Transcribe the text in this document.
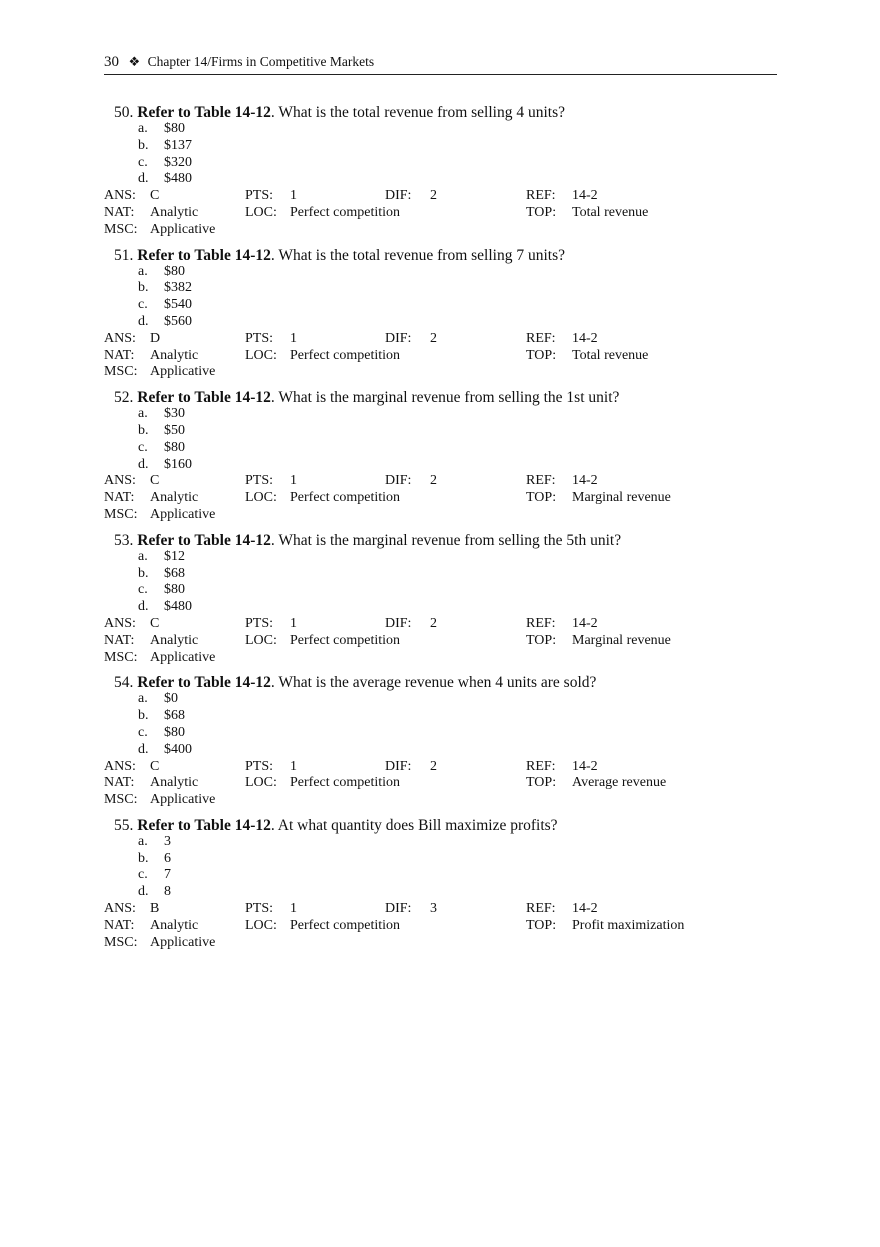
30 ❖ Chapter 14/Firms in Competitive Markets
50. Refer to Table 14-12. What is the total revenue from selling 4 units?
a.	$80
b. $137
c.	$320
d. $480
ANS: C	PTS: 1	DIF: 2	REF: 14-2
NAT: Analytic	LOC: Perfect competition	TOP: Total revenue
MSC: Applicative
51. Refer to Table 14-12. What is the total revenue from selling 7 units?
a.	$80
b. $382
c.	$540
d. $560
ANS: D	PTS: 1	DIF: 2	REF: 14-2
NAT: Analytic	LOC: Perfect competition	TOP: Total revenue
MSC: Applicative
52. Refer to Table 14-12. What is the marginal revenue from selling the 1st unit?
a.	$30
b. $50
c.	$80
d. $160
ANS: C	PTS: 1	DIF: 2	REF: 14-2
NAT: Analytic	LOC: Perfect competition	TOP: Marginal revenue
MSC: Applicative
53. Refer to Table 14-12. What is the marginal revenue from selling the 5th unit?
a.	$12
b. $68
c.	$80
d. $480
ANS: C	PTS: 1	DIF: 2	REF: 14-2
NAT: Analytic	LOC: Perfect competition	TOP: Marginal revenue
MSC: Applicative
54. Refer to Table 14-12. What is the average revenue when 4 units are sold?
a.	$0
b. $68
c.	$80
d. $400
ANS: C	PTS: 1	DIF: 2	REF: 14-2
NAT: Analytic	LOC: Perfect competition	TOP: Average revenue
MSC: Applicative
55. Refer to Table 14-12. At what quantity does Bill maximize profits?
a.	3
b. 6
c.	7
d. 8
ANS: B	PTS: 1	DIF: 3	REF: 14-2
NAT: Analytic	LOC: Perfect competition	TOP: Profit maximization
MSC: Applicative
